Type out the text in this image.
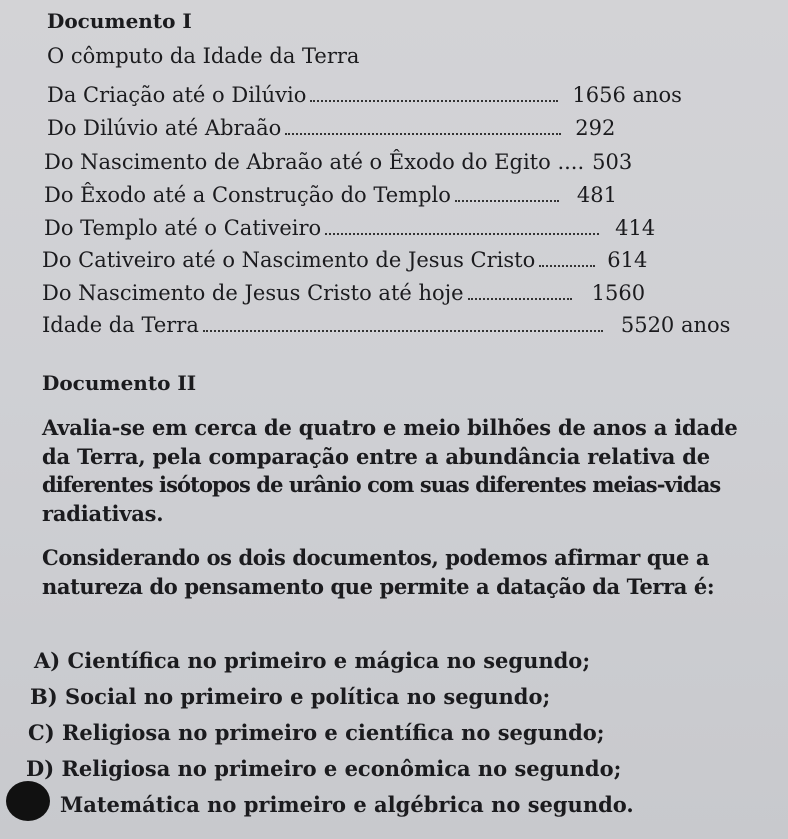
Documento I
O cômputo da Idade da Terra
Da Criação até o Dilúvio	1656 anos
Do Dilúvio até Abraão	292
Do Nascimento de Abraão até o Êxodo do Egito .... 503
Do Êxodo até a Construção do Templo	481
Do Templo até o Cativeiro	414
Do Cativeiro até o Nascimento de Jesus Cristo	614
Do Nascimento de Jesus Cristo até hoje	1560
Idade da Terra	5520 anos
Documento II
Avalia-se em cerca de quatro e meio bilhões de anos a idade
da Terra, pela comparação entre a abundância relativa de
diferentes isótopos de urânio com suas diferentes meias-vidas
radiativas.
Considerando os dois documentos, podemos afirmar que a
natureza do pensamento que permite a datação da Terra é:
A) Científica no primeiro e mágica no segundo;
B) Social no primeiro e política no segundo;
C) Religiosa no primeiro e científica no segundo;
D) Religiosa no primeiro e econômica no segundo;
Matemática no primeiro e algébrica no segundo.
